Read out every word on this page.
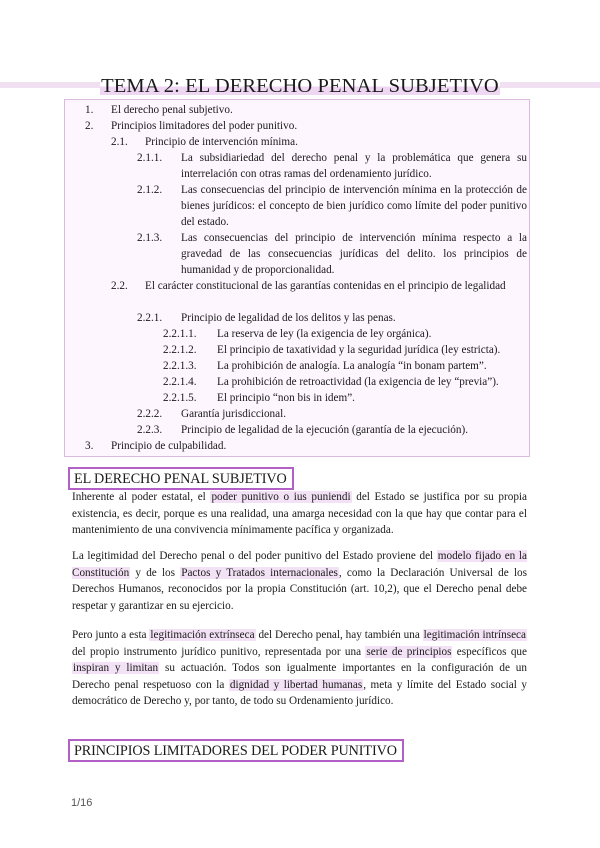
TEMA 2: EL DERECHO PENAL SUBJETIVO
1.	El derecho penal subjetivo.
2.	Principios limitadores del poder punitivo.
2.1.	Principio de intervención mínima.
2.1.1.	La subsidiariedad del derecho penal y la problemática que genera su interrelación con otras ramas del ordenamiento jurídico.
2.1.2.	Las consecuencias del principio de intervención mínima en la protección de bienes jurídicos: el concepto de bien jurídico como límite del poder punitivo del estado.
2.1.3.	Las consecuencias del principio de intervención mínima respecto a la gravedad de las consecuencias jurídicas del delito. los principios de humanidad y de proporcionalidad.
2.2.	El carácter constitucional de las garantías contenidas en el principio de legalidad
2.2.1.	Principio de legalidad de los delitos y las penas.
2.2.1.1.	La reserva de ley (la exigencia de ley orgánica).
2.2.1.2.	El principio de taxatividad y la seguridad jurídica (ley estricta).
2.2.1.3.	La prohibición de analogía. La analogía “in bonam partem”.
2.2.1.4.	La prohibición de retroactividad (la exigencia de ley “previa”).
2.2.1.5.	El principio “non bis in idem”.
2.2.2.	Garantía jurisdiccional.
2.2.3.	Principio de legalidad de la ejecución (garantía de la ejecución).
3.	Principio de culpabilidad.
EL DERECHO PENAL SUBJETIVO

Inherente al poder estatal, el poder punitivo o ius puniendi del Estado se justifica por su propia existencia, es decir, porque es una realidad, una amarga necesidad con la que hay que contar para el mantenimiento de una convivencia mínimamente pacífica y organizada.

La legitimidad del Derecho penal o del poder punitivo del Estado proviene del modelo fijado en la Constitución y de los Pactos y Tratados internacionales, como la Declaración Universal de los Derechos Humanos, reconocidos por la propia Constitución (art. 10,2), que el Derecho penal debe respetar y garantizar en su ejercicio.

Pero junto a esta legitimación extrínseca del Derecho penal, hay también una legitimación intrínseca del propio instrumento jurídico punitivo, representada por una serie de principios específicos que inspiran y limitan su actuación. Todos son igualmente importantes en la configuración de un Derecho penal respetuoso con la dignidad y libertad humanas, meta y límite del Estado social y democrático de Derecho y, por tanto, de todo su Ordenamiento jurídico.

PRINCIPIOS LIMITADORES DEL PODER PUNITIVO
1/16
